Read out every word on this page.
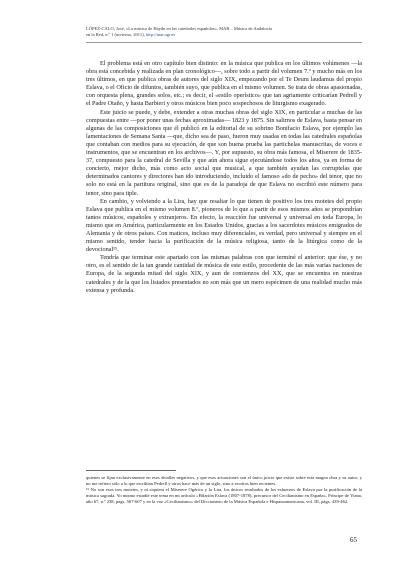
LÓPEZ-CALO, José, «La música de Haydn en las catedrales españolas», MAR – Música de Andalucía
en la Red, n.º 1 (invierno, 2011), http://mar.ugr.es

El problema está en otro capítulo bien distinto: en la música que publica en los últimos volúmenes —la obra está concebida y realizada en plan cronológico—, sobre todo a partir del volumen 7.º y mucho más en los tres últimos, en que publica obras de autores del siglo XIX, empezando por el Te Deum laudamus del propio Eslava, o el Oficio de difuntos, también suyo, que publica en el mismo volumen. Se trata de obras apasionadas, con orquesta plena, grandes solos, etc.; es decir, el «estilo operístico» que tan agriamente criticarían Pedrell y el Padre Otaño, y hasta Barbieri y otros músicos bien poco sospechosos de liturgismo exagerado.

Este juicio se puede, y debe, extender a otras muchas obras del siglo XIX, en particular a muchas de las compuestas entre —por poner unas fechas aproximadas— 1823 y 1875. Sin salirnos de Eslava, basta pensar en algunas de las composiciones que él publicó en la editorial de su sobrino Bonifacio Eslava, por ejemplo las lamentaciones de Semana Santa —que, dicho sea de paso, fueron muy usadas en todas las catedrales españolas que contaban con medios para su ejecución, de que son buena prueba las partichelas manuscritas, de voces e instrumentos, que se encuentran en los archivos—. Y, por supuesto, su obra más famosa, el Miserere de 1835-37, compuesto para la catedral de Sevilla y que aún ahora sigue ejecutándose todos los años, ya en forma de concierto, mejor dicho, más como acto social que musical, a que también ayudan las corruptelas que determinados cantores y directores han ido introduciendo, incluido el famoso «do de pecho» del tenor, que no solo no está en la partitura original, sino que es de la paradoja de que Eslava no escribió este número para tenor, sino para tiple.

En cambio, y volviendo a la Lira, hay que resaltar lo que tienen de positivo los tres motetes del propio Eslava que publica en el mismo volumen 8.º, pioneros de lo que a partir de esos mismos años se propondrían tantos músicos, españoles y extranjeros. En efecto, la reacción fue universal y universal en toda Europa, lo mismo que en América, particularmente en los Estados Unidos, gracias a los sacerdotes músicos emigrados de Alemania y de otros países. Con matices, incluso muy diferenciales, es verdad, pero universal y siempre en el mismo sentido, tender hacia la purificación de la música religiosa, tanto de la litúrgica como de la devocional¹⁵.

Tendría que terminar este apartado con las mismas palabras con que terminé el anterior: que ése, y no otro, es el sentido de la tan grande cantidad de música de este estilo, procedente de las más varias naciones de Europa, de la segunda mitad del siglo XIX, y aun de comienzos del XX, que se encuentra en nuestras catedrales y de la que los listados presentados no son más que un mero espécimen de una realidad mucho más extensa y profunda.

quienes se fijan exclusivamente en esos detalles negativos, y que esas actuaciones son el único juicio que existe sobre esta magna obra y su autor; y no me refiero sólo a lo que escribían Pedrell y otros hace más de un siglo, sino a escritos bien recientes.

¹⁵ No son esos tres motetes, y ni siquiera el Miserere Ogérico y la Lira, los únicos resultados de los esfuerzos de Eslava por la purificación de la música sagrada. Yo mismo estudié este tema en mi artículo «Hilarión Eslava (1807-1878), precursor del Cecilianismo en España», Príncipe de Viana, año 67, n.º 238, pags. 567-607 y en la voz «Cecilianismo» del Diccionario de la Música Española e Hispanoamericana, vol. III, págs. 439-462.

65
